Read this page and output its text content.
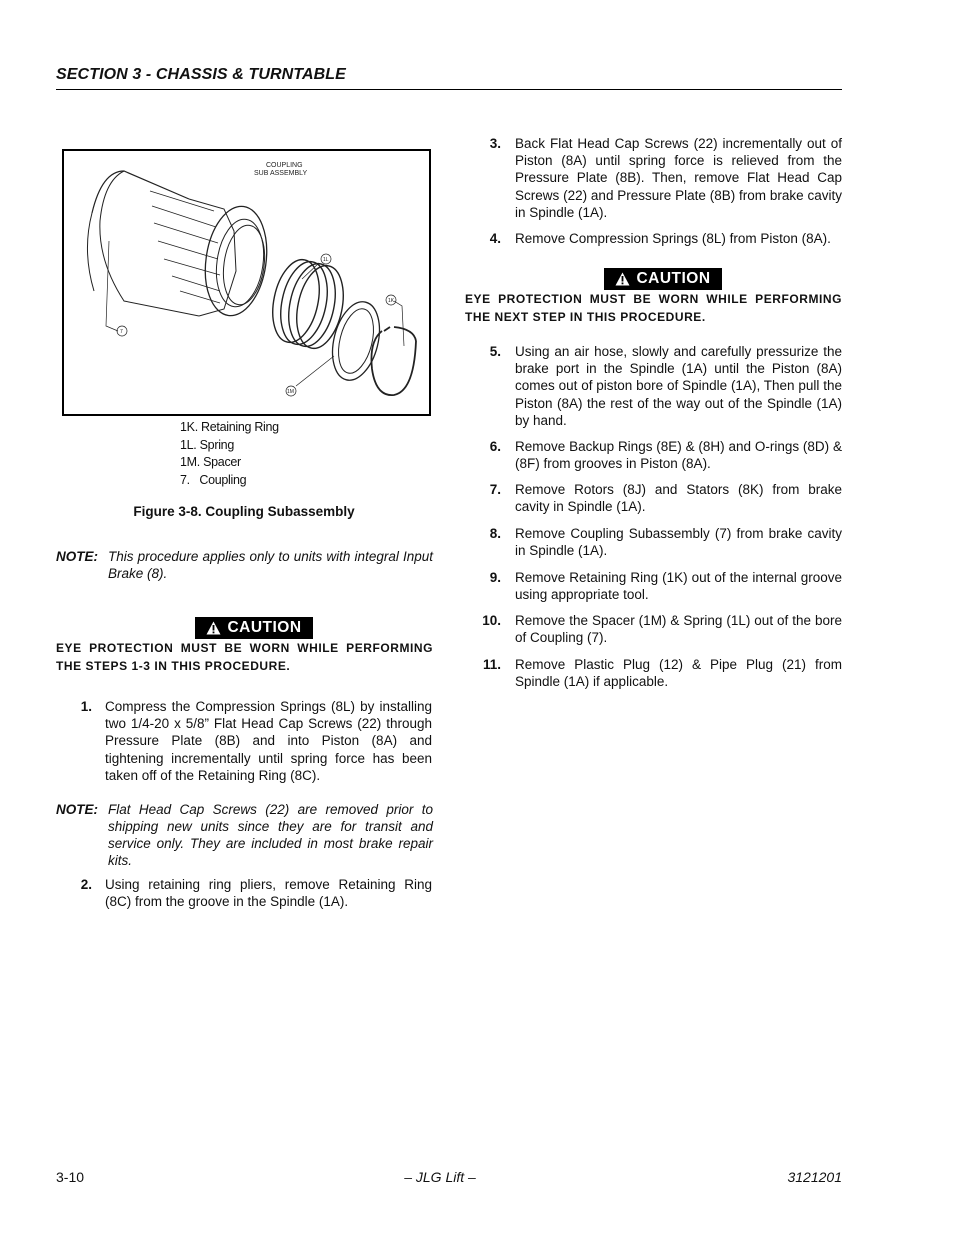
SECTION 3 - CHASSIS & TURNTABLE
COUPLING
SUB ASSEMBLY
7
1L
1K
1M
1K. Retaining Ring
1L. Spring
1M. Spacer
7.   Coupling
Figure 3-8. Coupling Subassembly
NOTE: This procedure applies only to units with integral Input Brake (8).
CAUTION
EYE PROTECTION MUST BE WORN WHILE PERFORMING THE STEPS 1-3 IN THIS PROCEDURE.
1. Compress the Compression Springs (8L) by installing two 1/4-20 x 5/8” Flat Head Cap Screws (22) through Pressure Plate (8B) and into Piston (8A) and tightening incrementally until spring force has been taken off of the Retaining Ring (8C).
NOTE: Flat Head Cap Screws (22) are removed prior to shipping new units since they are for transit and service only. They are included in most brake repair kits.
2. Using retaining ring pliers, remove Retaining Ring (8C) from the groove in the Spindle (1A).
3. Back Flat Head Cap Screws (22) incrementally out of Piston (8A) until spring force is relieved from the Pressure Plate (8B). Then, remove Flat Head Cap Screws (22) and Pressure Plate (8B) from brake cavity in Spindle (1A).
4. Remove Compression Springs (8L) from Piston (8A).
CAUTION
EYE PROTECTION MUST BE WORN WHILE PERFORMING THE NEXT STEP IN THIS PROCEDURE.
5. Using an air hose, slowly and carefully pressurize the brake port in the Spindle (1A) until the Piston (8A) comes out of piston bore of Spindle (1A), Then pull the Piston (8A) the rest of the way out of the Spindle (1A) by hand.
6. Remove Backup Rings (8E) & (8H) and O-rings (8D) & (8F) from grooves in Piston (8A).
7. Remove Rotors (8J) and Stators (8K) from brake cavity in Spindle (1A).
8. Remove Coupling Subassembly (7) from brake cavity in Spindle (1A).
9. Remove Retaining Ring (1K) out of the internal groove using appropriate tool.
10. Remove the Spacer (1M) & Spring (1L) out of the bore of Coupling (7).
11. Remove Plastic Plug (12) & Pipe Plug (21) from Spindle (1A) if applicable.
3-10	– JLG Lift –	3121201
